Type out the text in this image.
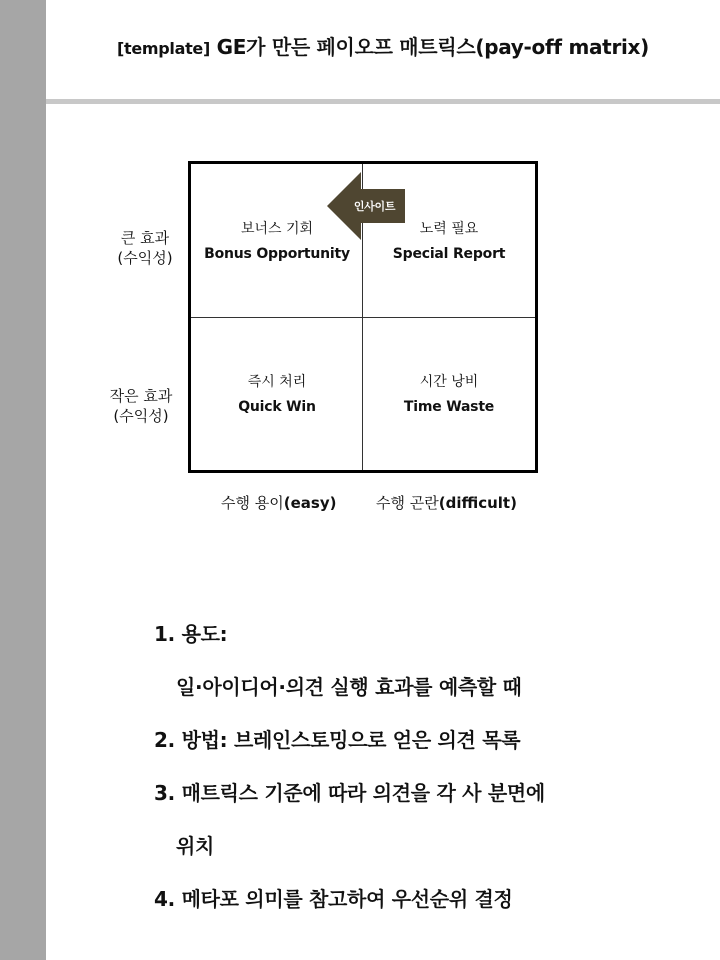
[template] GE가 만든 페이오프 매트릭스(pay-off matrix)
큰 효과
(수익성)
작은 효과
(수익성)
보너스 기회
Bonus Opportunity
노력 필요
Special Report
즉시 처리
Quick Win
시간 낭비
Time Waste
인사이트
수행 용이(easy)	수행 곤란(difficult)
1. 용도:
일·아이디어·의견 실행 효과를 예측할 때
2. 방법: 브레인스토밍으로 얻은 의견 목록
3. 매트릭스 기준에 따라 의견을 각 사 분면에
위치
4. 메타포 의미를 참고하여 우선순위 결정
